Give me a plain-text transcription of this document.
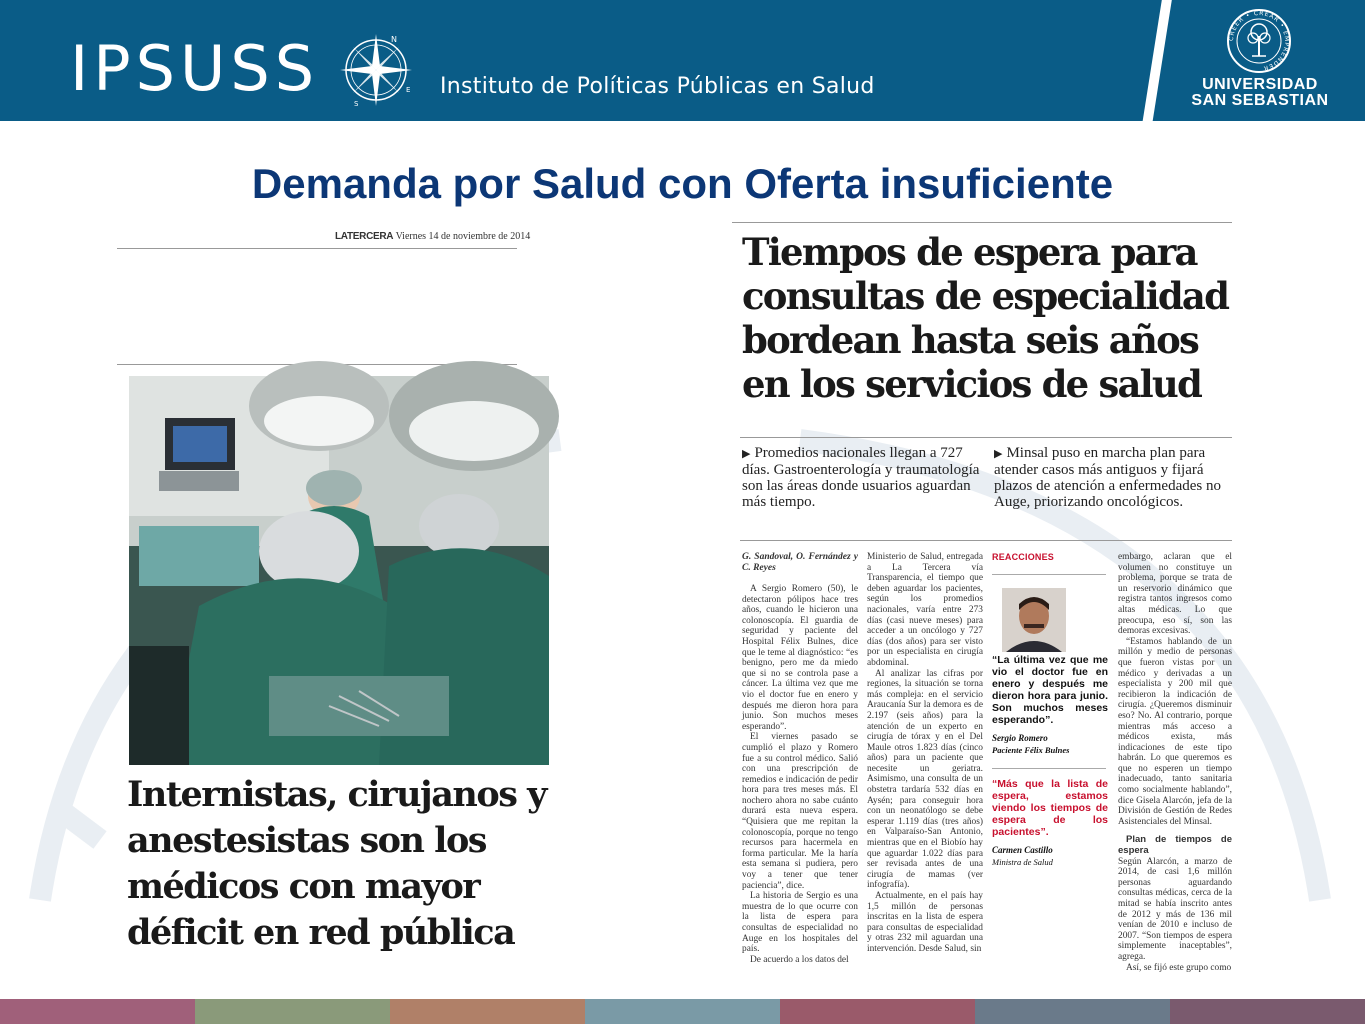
IPSUSS	N
S
E Instituto de Políticas Públicas en Salud
CREER • CREAR • EMPRENDER
UNIVERSIDAD
SAN SEBASTIAN
Demanda por Salud con Oferta insuficiente
LATERCERA Viernes 14 de noviembre de 2014
Internistas, cirujanos y anestesistas son los médicos con mayor déficit en red pública
Tiempos de espera para consultas de especialidad bordean hasta seis años en los servicios de salud
▶ Promedios nacionales llegan a 727 días. Gastroenterología y traumatología son las áreas donde usuarios aguardan más tiempo.
▶ Minsal puso en marcha plan para atender casos más antiguos y fijará plazos de atención a enfermedades no Auge, priorizando oncológicos.

G. Sandoval, O. Fernández y C. Reyes

A Sergio Romero (50), le detectaron pólipos hace tres años, cuando le hicieron una colonoscopía. El guardia de seguridad y paciente del Hospital Félix Bulnes, dice que le teme al diagnóstico: “es benigno, pero me da miedo que si no se controla pase a cáncer. La última vez que me vio el doctor fue en enero y después me dieron hora para junio. Son muchos meses esperando”.

El viernes pasado se cumplió el plazo y Romero fue a su control médico. Salió con una prescripción de remedios e indicación de pedir hora para tres meses más. El nochero ahora no sabe cuánto durará esta nueva espera. “Quisiera que me repitan la colonoscopía, porque no tengo recursos para hacermela en forma particular. Me la haría esta semana si pudiera, pero voy a tener que tener paciencia”, dice.

La historia de Sergio es una muestra de lo que ocurre con la lista de espera para consultas de especialidad no Auge en los hospitales del país.

De acuerdo a los datos del

Ministerio de Salud, entregada a La Tercera vía Transparencia, el tiempo que deben aguardar los pacientes, según los promedios nacionales, varía entre 273 días (casi nueve meses) para acceder a un oncólogo y 727 días (dos años) para ser visto por un especialista en cirugía abdominal.

Al analizar las cifras por regiones, la situación se torna más compleja: en el servicio Araucanía Sur la demora es de 2.197 (seis años) para la atención de un experto en cirugía de tórax y en el Del Maule otros 1.823 días (cinco años) para un paciente que necesite un geriatra. Asimismo, una consulta de un obstetra tardaría 532 días en Aysén; para conseguir hora con un neonatólogo se debe esperar 1.119 días (tres años) en Valparaíso-San Antonio, mientras que en el Biobío hay que aguardar 1.022 días para ser revisada antes de una cirugía de mamas (ver infografía).

Actualmente, en el país hay 1,5 millón de personas inscritas en la lista de espera para consultas de especialidad y otras 232 mil aguardan una intervención. Desde Salud, sin

REACCIONES
“La última vez que me vio el doctor fue en enero y después me dieron hora para junio. Son muchos meses esperando”.
Sergio Romero
Paciente Félix Bulnes
“Más que la lista de espera, estamos viendo los tiempos de espera de los pacientes”.
Carmen Castillo
Ministra de Salud

embargo, aclaran que el volumen no constituye un problema, porque se trata de un reservorio dinámico que registra tantos ingresos como altas médicas. Lo que preocupa, eso sí, son las demoras excesivas.

“Estamos hablando de un millón y medio de personas que fueron vistas por un médico y derivadas a un especialista y 200 mil que recibieron la indicación de cirugía. ¿Queremos disminuir eso? No. Al contrario, porque mientras más acceso a médicos exista, más indicaciones de este tipo habrán. Lo que queremos es que no esperen un tiempo inadecuado, tanto sanitaria como socialmente hablando”, dice Gisela Alarcón, jefa de la División de Gestión de Redes Asistenciales del Minsal.

Plan de tiempos de espera

Según Alarcón, a marzo de 2014, de casi 1,6 millón personas aguardando consultas médicas, cerca de la mitad se había inscrito antes de 2012 y más de 136 mil venían de 2010 e incluso de 2007. “Son tiempos de espera simplemente inaceptables”, agrega.

Así, se fijó este grupo como
